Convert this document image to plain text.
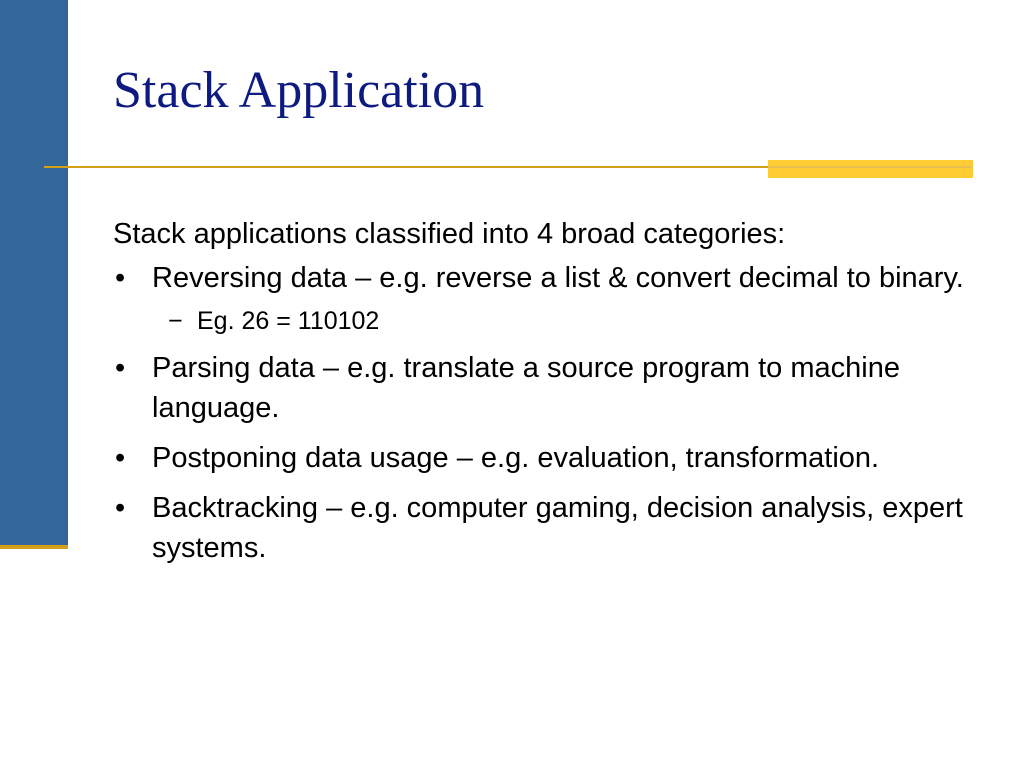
Stack Application

Stack applications classified into 4 broad categories:

• Reversing data – e.g. reverse a list & convert decimal to binary.
− Eg. 26 = 110102
• Parsing data – e.g. translate a source program to machine language.
• Postponing data usage – e.g. evaluation, transformation.
• Backtracking – e.g. computer gaming, decision analysis, expert systems.
